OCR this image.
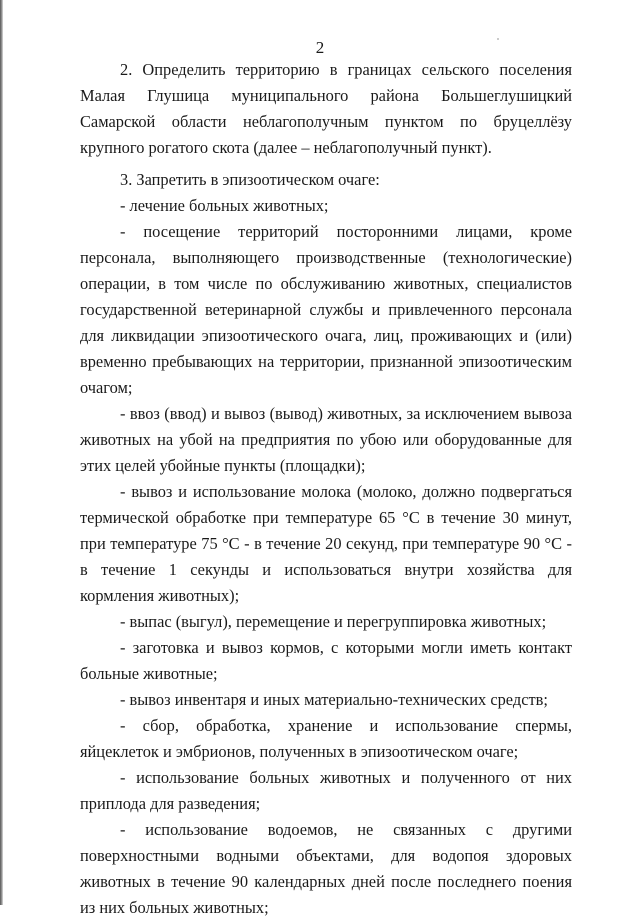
2

2. Определить территорию в границах сельского поселения Малая Глушица муниципального района Большеглушицкий Самарской области неблагополучным пунктом по бруцеллёзу крупного рогатого скота (далее – неблагополучный пункт).

3. Запретить в эпизоотическом очаге:

- лечение больных животных;

- посещение территорий посторонними лицами, кроме персонала, выполняющего производственные (технологические) операции, в том числе по обслуживанию животных, специалистов государственной ветеринарной службы и привлеченного персонала для ликвидации эпизоотического очага, лиц, проживающих и (или) временно пребывающих на территории, признанной эпизоотическим очагом;

- ввоз (ввод) и вывоз (вывод) животных, за исключением вывоза животных на убой на предприятия по убою или оборудованные для этих целей убойные пункты (площадки);

- вывоз и использование молока (молоко, должно подвергаться термической обработке при температуре 65 °C в течение 30 минут, при температуре 75 °C - в течение 20 секунд, при температуре 90 °C - в течение 1 секунды и использоваться внутри хозяйства для кормления животных);

- выпас (выгул), перемещение и перегруппировка животных;

- заготовка и вывоз кормов, с которыми могли иметь контакт больные животные;

- вывоз инвентаря и иных материально-технических средств;

- сбор, обработка, хранение и использование спермы, яйцеклеток и эмбрионов, полученных в эпизоотическом очаге;

- использование больных животных и полученного от них приплода для разведения;

- использование водоемов, не связанных с другими поверхностными водными объектами, для водопоя здоровых животных в течение 90 календарных дней после последнего поения из них больных животных;
